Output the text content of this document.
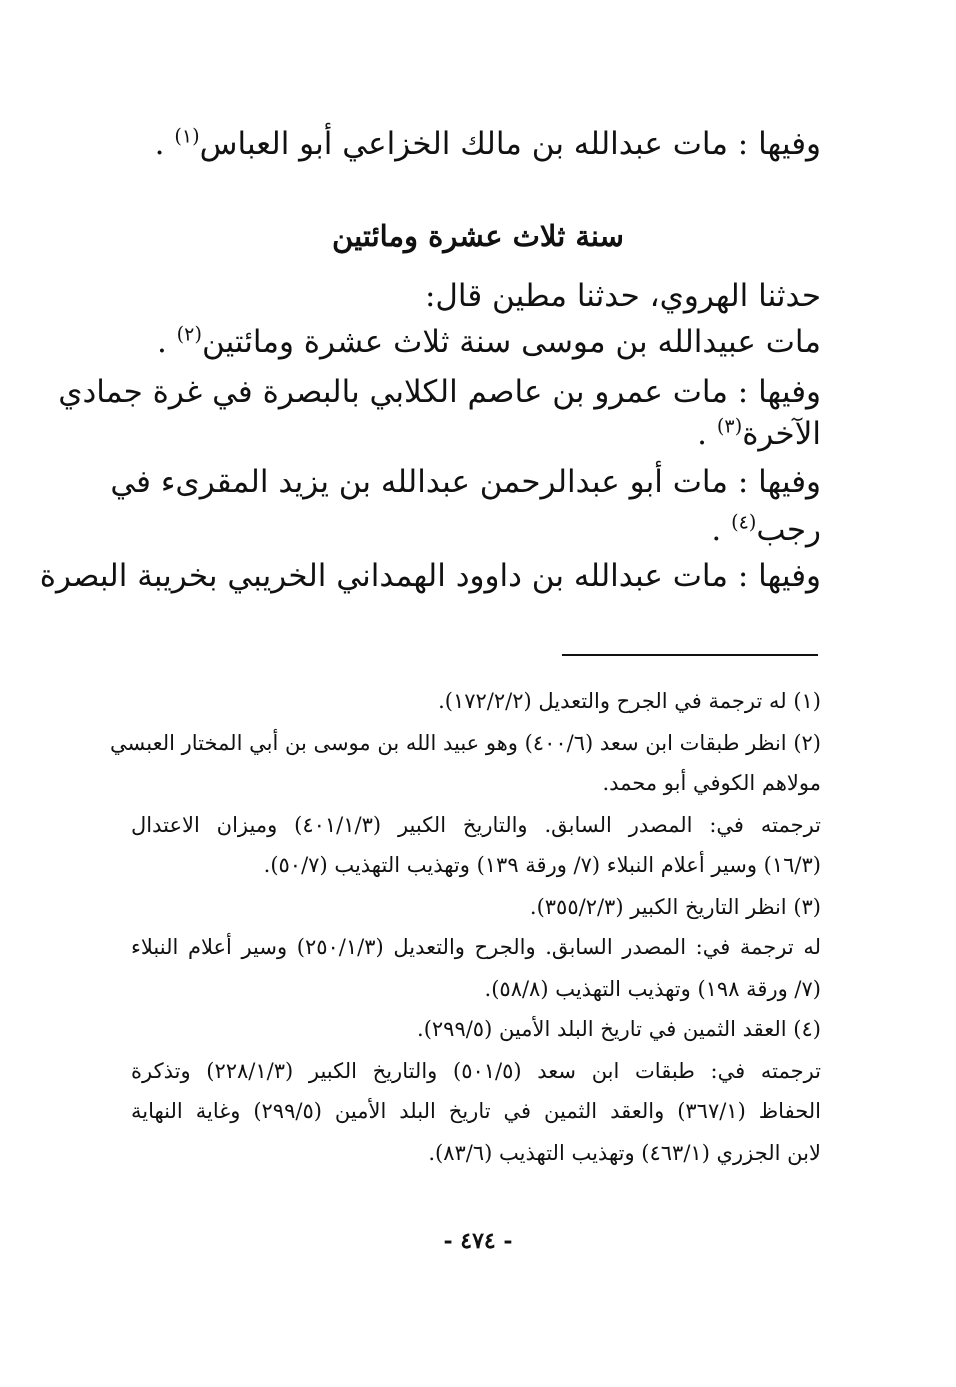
وفيها : مات عبدالله بن مالك الخزاعي أبو العباس$^{(١)}$ .
سنة ثلاث عشرة ومائتين
حدثنا الهروي، حدثنا مطين قال:
مات عبيدالله بن موسى سنة ثلاث عشرة ومائتين$^{(٢)}$ .
وفيها : مات عمرو بن عاصم الكلابي بالبصرة في غرة جمادي
الآخرة$^{(٣)}$ .
وفيها : مات أبو عبدالرحمن عبدالله بن يزيد المقرىء في
رجب$^{(٤)}$ .
وفيها : مات عبدالله بن داوود الهمداني الخريبي بخريبة البصرة
(١) له ترجمة في الجرح والتعديل (١٧٢/٢/٢).
(٢) انظر طبقات ابن سعد (٤٠٠/٦) وهو عبيد الله بن موسى بن أبي المختار العبسي
مولاهم الكوفي أبو محمد.
ترجمته في: المصدر السابق. والتاريخ الكبير (٤٠١/١/٣) وميزان الاعتدال
(١٦/٣) وسير أعلام النبلاء (٧/ ورقة ١٣٩) وتهذيب التهذيب (٥٠/٧).
(٣) انظر التاريخ الكبير (٣٥٥/٢/٣).
له ترجمة في: المصدر السابق. والجرح والتعديل (٢٥٠/١/٣) وسير أعلام النبلاء
(٧/ ورقة ١٩٨) وتهذيب التهذيب (٥٨/٨).
(٤) العقد الثمين في تاريخ البلد الأمين (٢٩٩/٥).
ترجمته في: طبقات ابن سعد (٥٠١/٥) والتاريخ الكبير (٢٢٨/١/٣) وتذكرة
الحفاظ (٣٦٧/١) والعقد الثمين في تاريخ البلد الأمين (٢٩٩/٥) وغاية النهاية
لابن الجزري (٤٦٣/١) وتهذيب التهذيب (٨٣/٦).
- ٤٧٤ -
